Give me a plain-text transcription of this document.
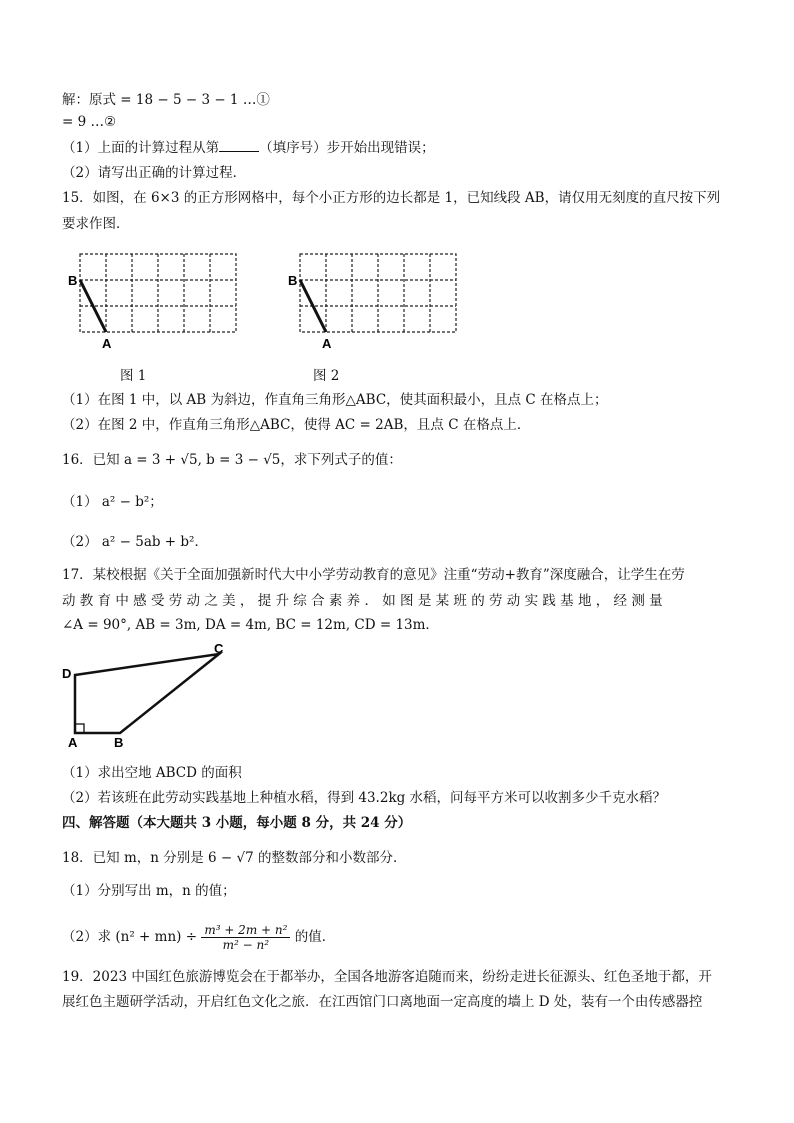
解：原式 = 18 − 5 − 3 − 1 …①
= 9 …②
（1）上面的计算过程从第	（填序号）步开始出现错误；
（2）请写出正确的计算过程．
15．如图，在 6×3 的正方形网格中，每个小正方形的边长都是 1，已知线段 AB，请仅用无刻度的直尺按下列
要求作图．
B
A
B
A
图 1	图 2
（1）在图 1 中，以 AB 为斜边，作直角三角形△ABC，使其面积最小，且点 C 在格点上；
（2）在图 2 中，作直角三角形△ABC，使得 AC = 2AB，且点 C 在格点上．
16．已知 a = 3 + √5, b = 3 − √5，求下列式子的值：
（1） a² − b²；
（2） a² − 5ab + b²．
17．某校根据《关于全面加强新时代大中小学劳动教育的意见》注重“劳动+教育”深度融合，让学生在劳
动 教 育 中 感 受 劳 动 之 美 ， 提 升 综 合 素 养 ． 如 图 是 某 班 的 劳 动 实 践 基 地 ， 经 测 量
∠A = 90°, AB = 3m, DA = 4m, BC = 12m, CD = 13m．
D
C
A	B
（1）求出空地 ABCD 的面积
（2）若该班在此劳动实践基地上种植水稻，得到 43.2kg 水稻，问每平方米可以收割多少千克水稻？
四、解答题（本大题共 3 小题，每小题 8 分，共 24 分）
18．已知 m，n 分别是 6 − √7 的整数部分和小数部分．
（1）分别写出 m，n 的值；
（2）求 $(n^2 + mn) \div \frac{\text{m³ + 2m + n²}}{\text{m² − n²}}$ 的值．
19．2023 中国红色旅游博览会在于都举办，全国各地游客追随而来，纷纷走进长征源头、红色圣地于都，开
展红色主题研学活动，开启红色文化之旅．在江西馆门口离地面一定高度的墙上 D 处，装有一个由传感器控
